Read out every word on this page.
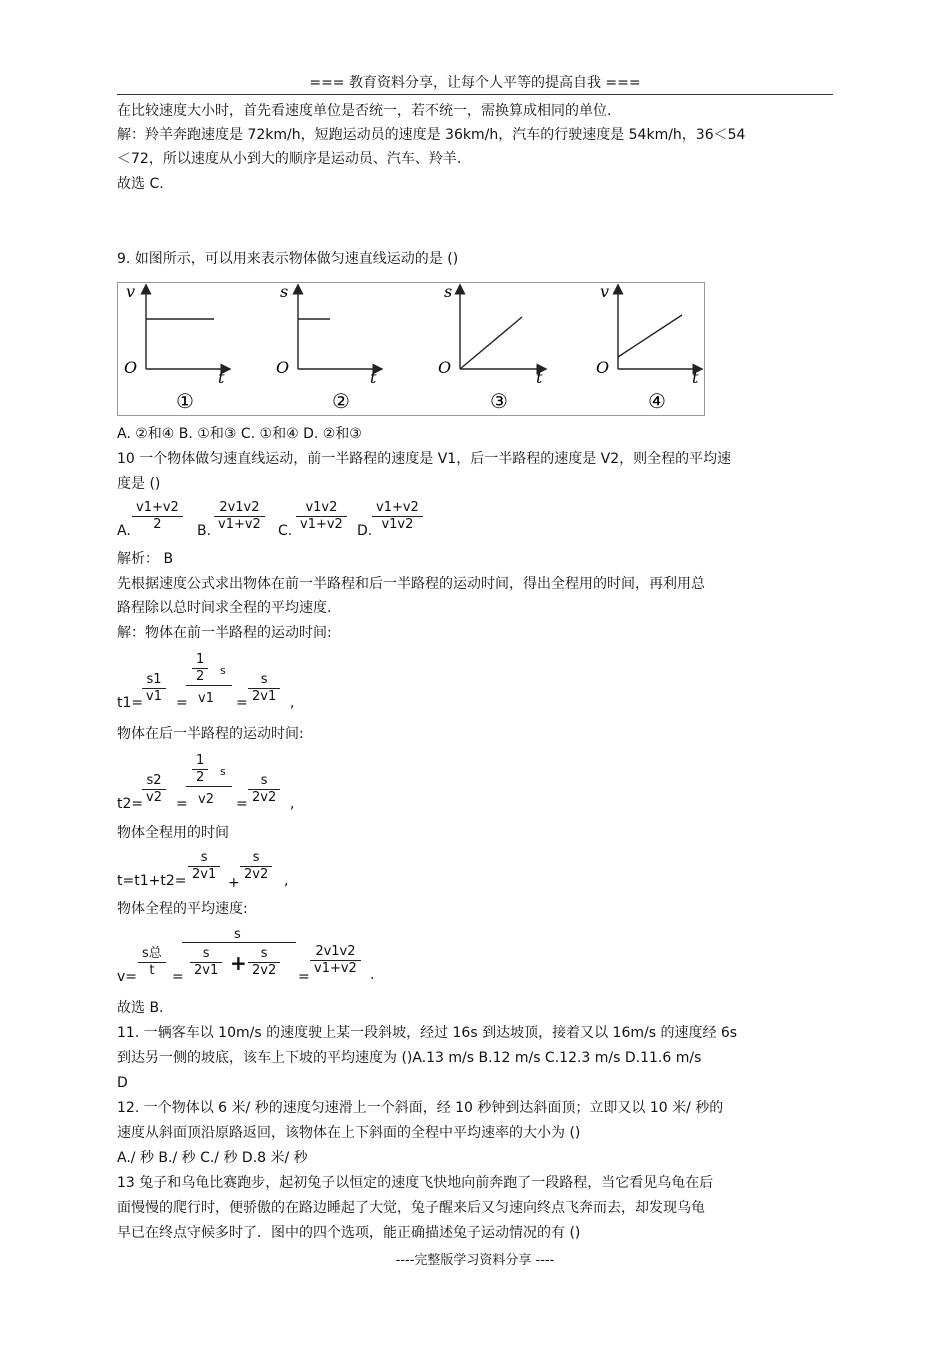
=== 教育资料分享，让每个人平等的提高自我 ===
在比较速度大小时，首先看速度单位是否统一，若不统一，需换算成相同的单位.
解：羚羊奔跑速度是 72km/h，短跑运动员的速度是 36km/h，汽车的行驶速度是 54km/h，36＜54
＜72，所以速度从小到大的顺序是运动员、汽车、羚羊.
故选 C.
9. 如图所示，可以用来表示物体做匀速直线运动的是 ()
v
O
t
①
s
O
t
②
s
O
t
③
v
O
t
④
A. ②和④ B. ①和③ C. ①和④ D. ②和③
10 一个物体做匀速直线运动，前一半路程的速度是 V1，后一半路程的速度是 V2，则全程的平均速
度是 ()
A. $\frac{v1+v2}{2} B$. $\frac{2v1v2}{v1+v2} C$. $\frac{v1v2}{v1+v2} D$. $\frac{v1+v2}{v1v2}$
解析： B
先根据速度公式求出物体在前一半路程和后一半路程的运动时间，得出全程用的时间，再利用总
路程除以总时间求全程的平均速度.
解：物体在前一半路程的运动时间:
t1=
$\frac{s1}{v1}$ =
$\frac{1}{2}$ s
$v1 = \frac{s}{2v1}$ ,
物体在后一半路程的运动时间:
t2=
$\frac{s2}{v2}$ =
$\frac{1}{2}$ s
$v2 = \frac{s}{2v2}$ ,
物体全程用的时间
$t=t1+t2= \frac{s}{2v1} + \frac{s}{2v2}$ ,
物体全程的平均速度:
v=
s总
t	=
s
$\frac{s}{2v1} + \frac{s}{2v2} = \frac{2v1v2}{v1+v2}$ .
故选 B.
11. 一辆客车以 10m/s 的速度驶上某一段斜坡，经过 16s 到达坡顶，接着又以 16m/s 的速度经 6s
到达另一侧的坡底，该车上下坡的平均速度为 ()A.13 m/s B.12 m/s C.12.3 m/s D.11.6 m/s
D
12. 一个物体以 6 米/ 秒的速度匀速滑上一个斜面，经 10 秒钟到达斜面顶；立即又以 10 米/ 秒的
速度从斜面顶沿原路返回，该物体在上下斜面的全程中平均速率的大小为 ()
A./ 秒 B./ 秒 C./ 秒 D.8 米/ 秒
13 兔子和乌龟比赛跑步，起初兔子以恒定的速度飞快地向前奔跑了一段路程，当它看见乌龟在后
面慢慢的爬行时，便骄傲的在路边睡起了大觉，兔子醒来后又匀速向终点飞奔而去，却发现乌龟
早已在终点守候多时了．图中的四个选项，能正确描述兔子运动情况的有 ()
----完整版学习资料分享 ----
